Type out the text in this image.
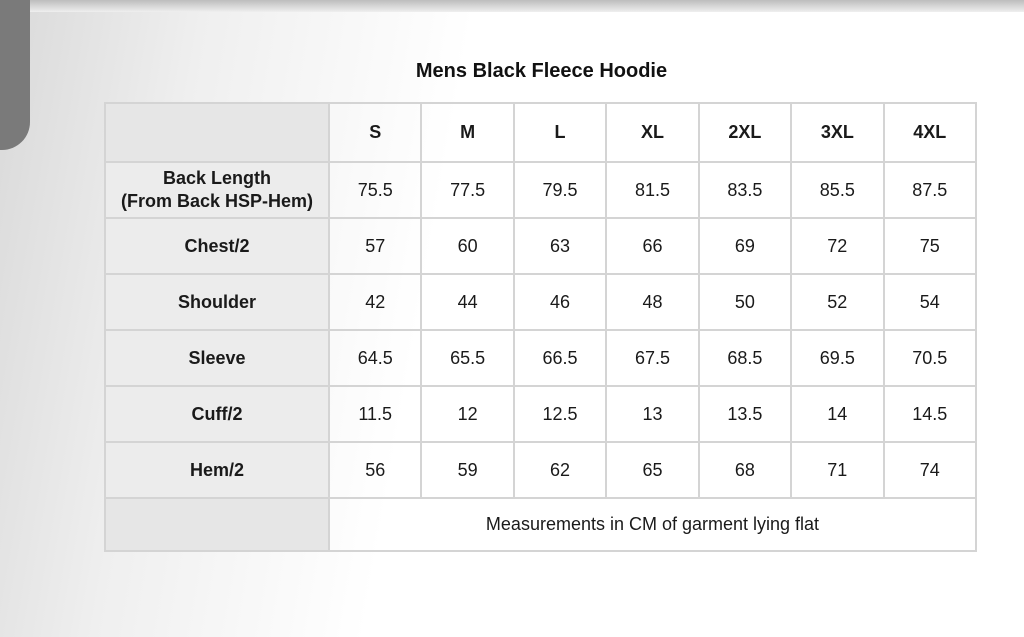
Mens Black Fleece Hoodie
	S	M	L	XL	2XL	3XL	4XL
Back Length
(From Back HSP-Hem)	75.5	77.5	79.5	81.5	83.5	85.5	87.5
Chest/2	57	60	63	66	69	72	75
Shoulder	42	44	46	48	50	52	54
Sleeve	64.5	65.5	66.5	67.5	68.5	69.5	70.5
Cuff/2	11.5	12	12.5	13	13.5	14	14.5
Hem/2	56	59	62	65	68	71	74
	Measurements in CM of garment lying flat						
